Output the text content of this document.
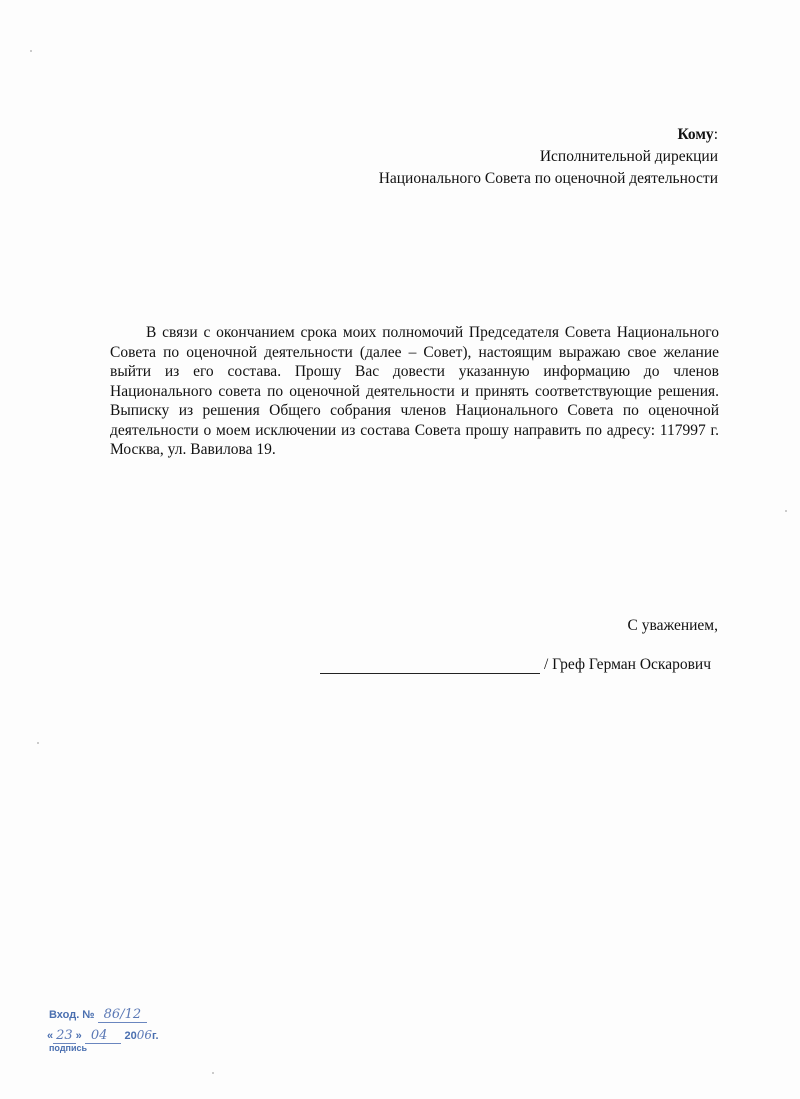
Кому:
Исполнительной дирекции
Национального Совета по оценочной деятельности

В связи с окончанием срока моих полномочий Председателя Совета Национального Совета по оценочной деятельности (далее – Совет), настоящим выражаю свое желание выйти из его состава. Прошу Вас довести указанную информацию до членов Национального совета по оценочной деятельности и принять соответствующие решения. Выписку из решения Общего собрания членов Национального Совета по оценочной деятельности о моем исключении из состава Совета прошу направить по адресу: 117997 г. Москва, ул. Вавилова 19.

С уважением,
/ Греф Герман Оскарович
Вход. № 86/12
« 23 » 04 2006г.
подпись
